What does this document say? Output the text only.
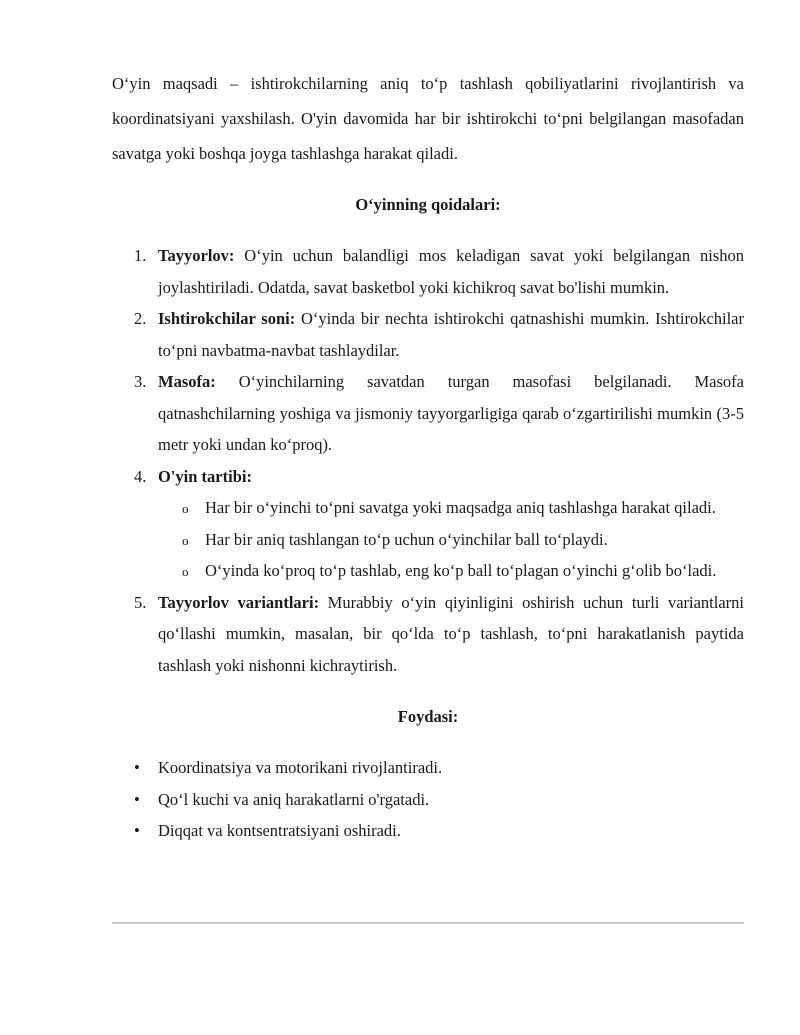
O‘yin maqsadi – ishtirokchilarning aniq to‘p tashlash qobiliyatlarini rivojlantirish va koordinatsiyani yaxshilash. O'yin davomida har bir ishtirokchi to‘pni belgilangan masofadan savatga yoki boshqa joyga tashlashga harakat qiladi.

O‘yinning qoidalari:

1. Tayyorlov: O‘yin uchun balandligi mos keladigan savat yoki belgilangan nishon joylashtiriladi. Odatda, savat basketbol yoki kichikroq savat bo'lishi mumkin.
2. Ishtirokchilar soni: O‘yinda bir nechta ishtirokchi qatnashishi mumkin. Ishtirokchilar to‘pni navbatma-navbat tashlaydilar.
3. Masofa: O‘yinchilarning savatdan turgan masofasi belgilanadi. Masofa qatnashchilarning yoshiga va jismoniy tayyorgarligiga qarab o‘zgartirilishi mumkin (3-5 metr yoki undan ko‘proq).
4. O'yin tartibi:
o Har bir o‘yinchi to‘pni savatga yoki maqsadga aniq tashlashga harakat qiladi.
o Har bir aniq tashlangan to‘p uchun o‘yinchilar ball to‘playdi.
o O‘yinda ko‘proq to‘p tashlab, eng ko‘p ball to‘plagan o‘yinchi g‘olib bo‘ladi.
5. Tayyorlov variantlari: Murabbiy o‘yin qiyinligini oshirish uchun turli variantlarni qo‘llashi mumkin, masalan, bir qo‘lda to‘p tashlash, to‘pni harakatlanish paytida tashlash yoki nishonni kichraytirish.

Foydasi:

• Koordinatsiya va motorikani rivojlantiradi.
• Qo‘l kuchi va aniq harakatlarni o'rgatadi.
• Diqqat va kontsentratsiyani oshiradi.
